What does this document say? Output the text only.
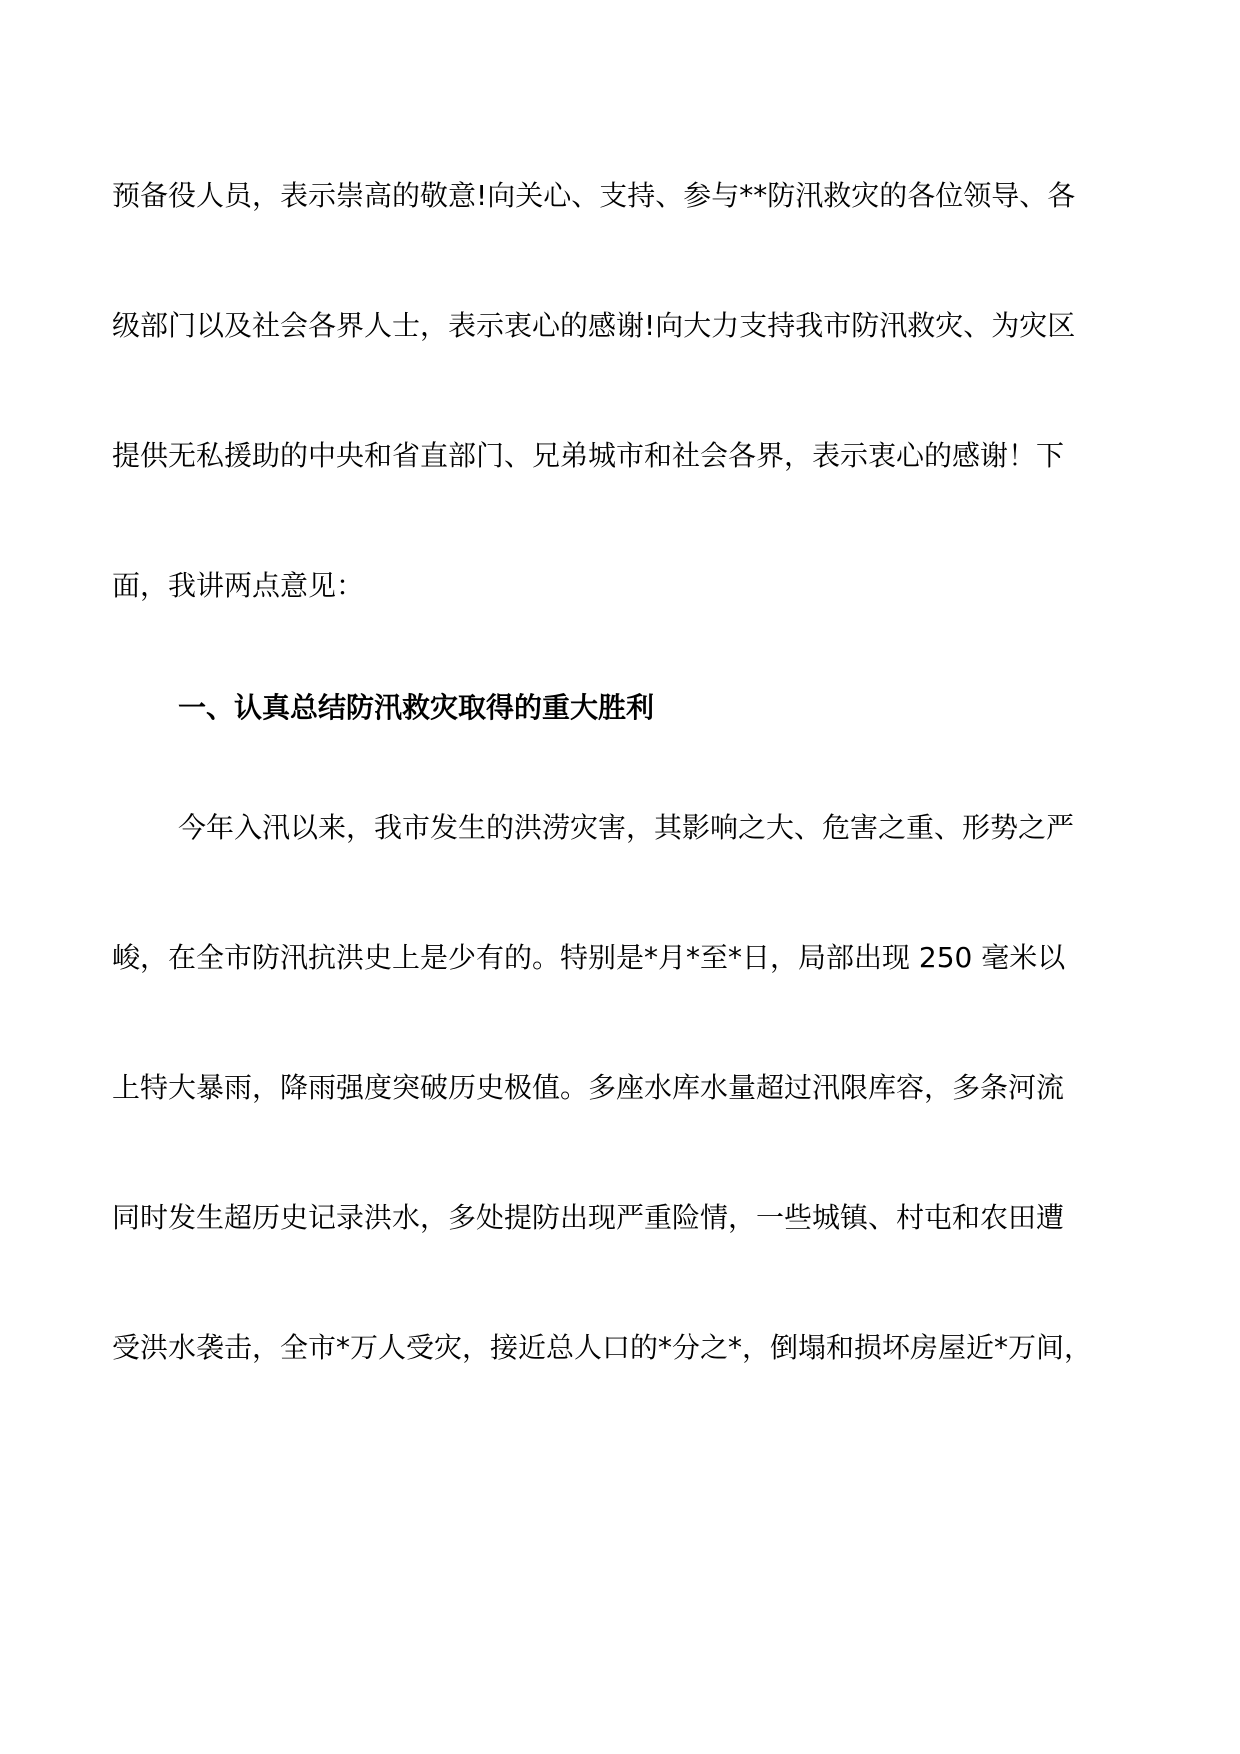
预备役人员，表示崇高的敬意!向关心、支持、参与**防汛救灾的各位领导、各
级部门以及社会各界人士，表示衷心的感谢!向大力支持我市防汛救灾、为灾区
提供无私援助的中央和省直部门、兄弟城市和社会各界，表示衷心的感谢！下
面，我讲两点意见：
一、认真总结防汛救灾取得的重大胜利
今年入汛以来，我市发生的洪涝灾害，其影响之大、危害之重、形势之严
峻，在全市防汛抗洪史上是少有的。特别是*月*至*日，局部出现 250 毫米以
上特大暴雨，降雨强度突破历史极值。多座水库水量超过汛限库容，多条河流
同时发生超历史记录洪水，多处提防出现严重险情，一些城镇、村屯和农田遭
受洪水袭击，全市*万人受灾，接近总人口的*分之*，倒塌和损坏房屋近*万间，
